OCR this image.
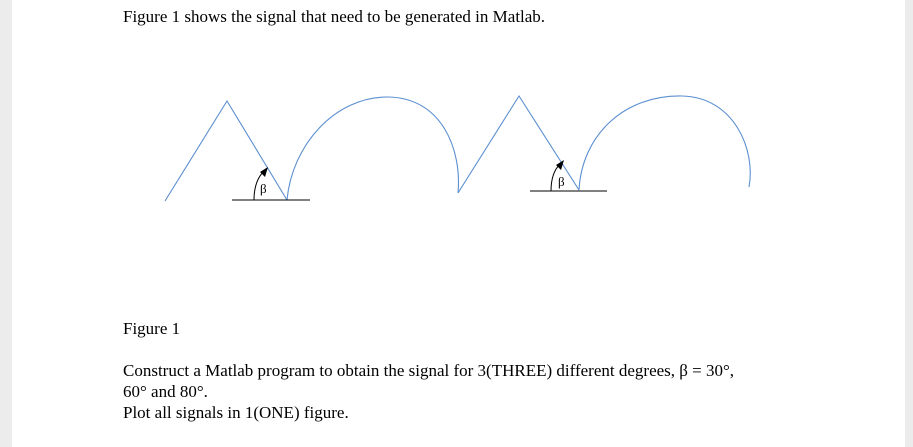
Figure 1 shows the signal that need to be generated in Matlab.
β	β
Figure 1
Construct a Matlab program to obtain the signal for 3(THREE) different degrees, β = 30°,
60° and 80°.
Plot all signals in 1(ONE) figure.
